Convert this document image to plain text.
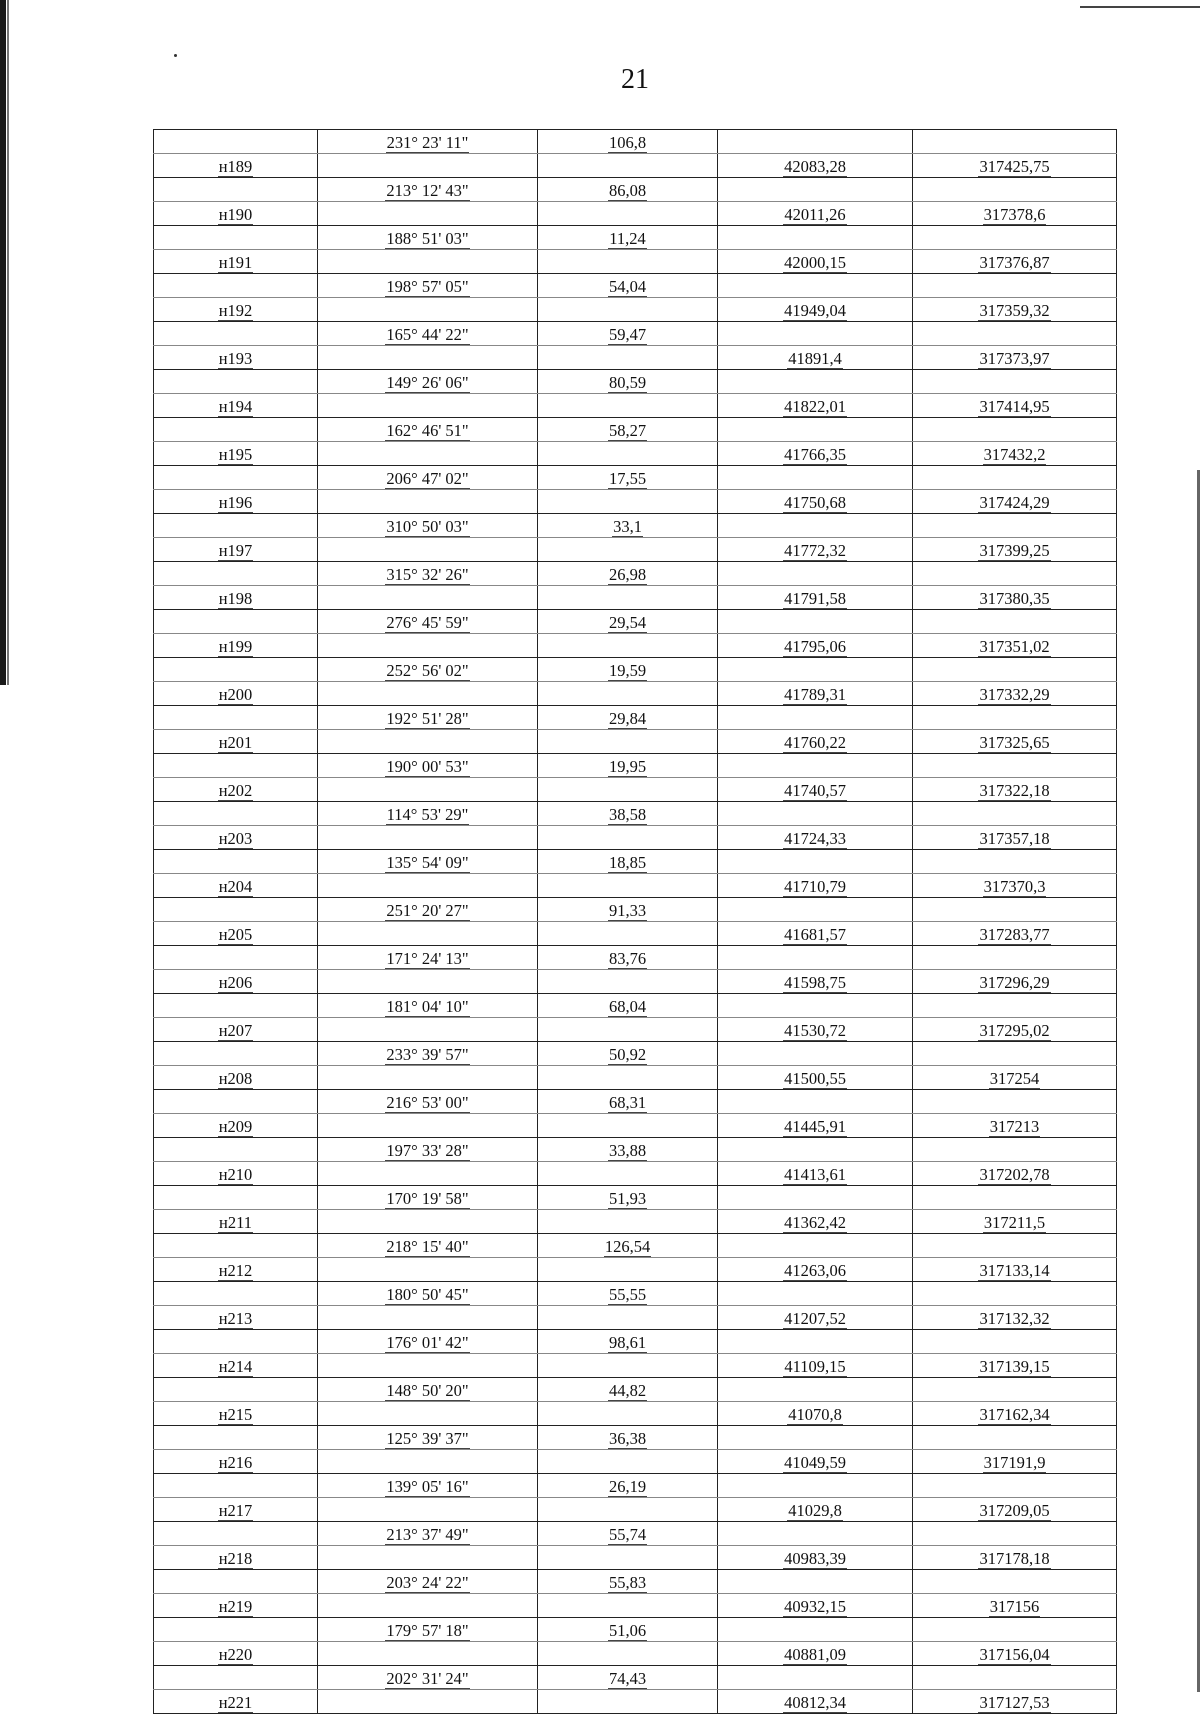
21
	231° 23' 11"	106,8		
н189			42083,28	317425,75
	213° 12' 43"	86,08		
н190			42011,26	317378,6
	188° 51' 03"	11,24		
н191			42000,15	317376,87
	198° 57' 05"	54,04		
н192			41949,04	317359,32
	165° 44' 22"	59,47		
н193			41891,4	317373,97
	149° 26' 06"	80,59		
н194			41822,01	317414,95
	162° 46' 51"	58,27		
н195			41766,35	317432,2
	206° 47' 02"	17,55		
н196			41750,68	317424,29
	310° 50' 03"	33,1		
н197			41772,32	317399,25
	315° 32' 26"	26,98		
н198			41791,58	317380,35
	276° 45' 59"	29,54		
н199			41795,06	317351,02
	252° 56' 02"	19,59		
н200			41789,31	317332,29
	192° 51' 28"	29,84		
н201			41760,22	317325,65
	190° 00' 53"	19,95		
н202			41740,57	317322,18
	114° 53' 29"	38,58		
н203			41724,33	317357,18
	135° 54' 09"	18,85		
н204			41710,79	317370,3
	251° 20' 27"	91,33		
н205			41681,57	317283,77
	171° 24' 13"	83,76		
н206			41598,75	317296,29
	181° 04' 10"	68,04		
н207			41530,72	317295,02
	233° 39' 57"	50,92		
н208			41500,55	317254
	216° 53' 00"	68,31		
н209			41445,91	317213
	197° 33' 28"	33,88		
н210			41413,61	317202,78
	170° 19' 58"	51,93		
н211			41362,42	317211,5
	218° 15' 40"	126,54		
н212			41263,06	317133,14
	180° 50' 45"	55,55		
н213			41207,52	317132,32
	176° 01' 42"	98,61		
н214			41109,15	317139,15
	148° 50' 20"	44,82		
н215			41070,8	317162,34
	125° 39' 37"	36,38		
н216			41049,59	317191,9
	139° 05' 16"	26,19		
н217			41029,8	317209,05
	213° 37' 49"	55,74		
н218			40983,39	317178,18
	203° 24' 22"	55,83		
н219			40932,15	317156
	179° 57' 18"	51,06		
н220			40881,09	317156,04
	202° 31' 24"	74,43		
н221			40812,34	317127,53
